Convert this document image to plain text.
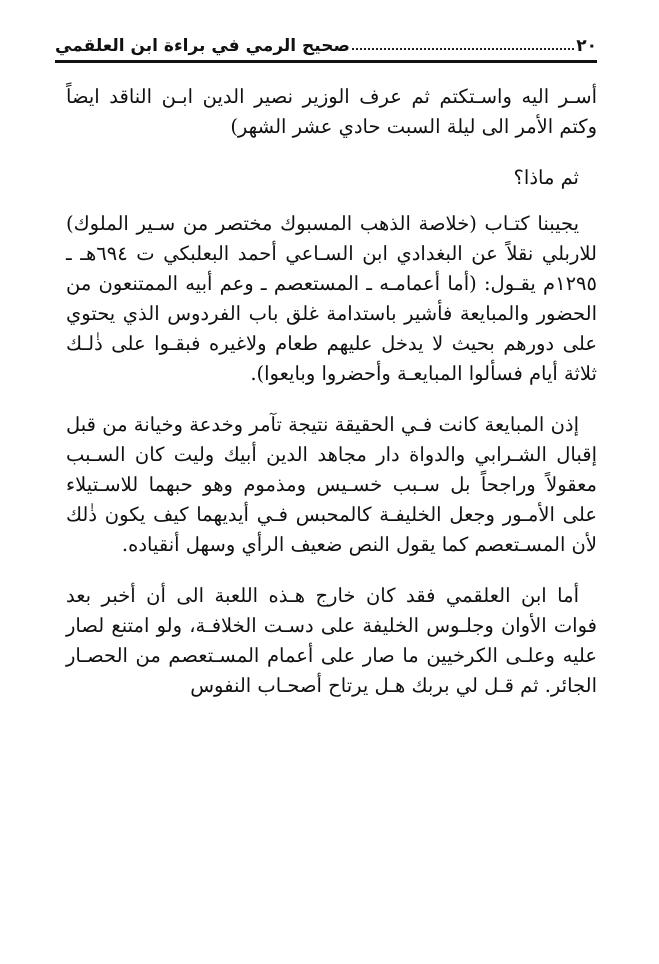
٢٠
صحيح الرمي في براءة ابن العلقمي

أسـر اليه واسـتكتم ثم عرف الوزير نصير الدين ابـن الناقد ايضاً وكتم الأمر الى ليلة السبت حادي عشر الشهر)

ثم ماذا؟

يجيبنا كتـاب (خلاصة الذهب المسبوك مختصر من سـير الملوك) للاربلي نقلاً عن البغدادي ابن السـاعي أحمد البعلبكي ت ٦٩٤هـ ـ ١٢٩٥م يقـول: (أما أعمامـه ـ المستعصم ـ وعم أبيه الممتنعون من الحضور والمبايعة فأشير باستدامة غلق باب الفردوس الذي يحتوي على دورهم بحيث لا يدخل عليهم طعام ولاغيره فبقـوا على ذٰلـك ثلاثة أيام فسألوا المبايعـة وأحضروا وبايعوا).

إذن المبايعة كانت فـي الحقيقة نتيجة تآمر وخدعة وخيانة من قبل إقبال الشـرابي والدواة دار مجاهد الدين أبيك وليت كان السـبب معقولاً وراجحاً بل سـبب خسـيس ومذموم وهو حبهما للاسـتيلاء على الأمـور وجعل الخليفـة كالمحبس فـي أيديهما كيف يكون ذٰلك لأن المسـتعصم كما يقول النص ضعيف الرأي وسهل أنقياده.

أما ابن العلقمي فقد كان خارج هـذه اللعبة الى أن أخبر بعد فوات الأوان وجلـوس الخليفة على دسـت الخلافـة، ولو امتنع لصار عليه وعلـى الكرخيين ما صار على أعمام المسـتعصم من الحصـار الجائر. ثم قـل لي بربك هـل يرتاح أصحـاب النفوس
